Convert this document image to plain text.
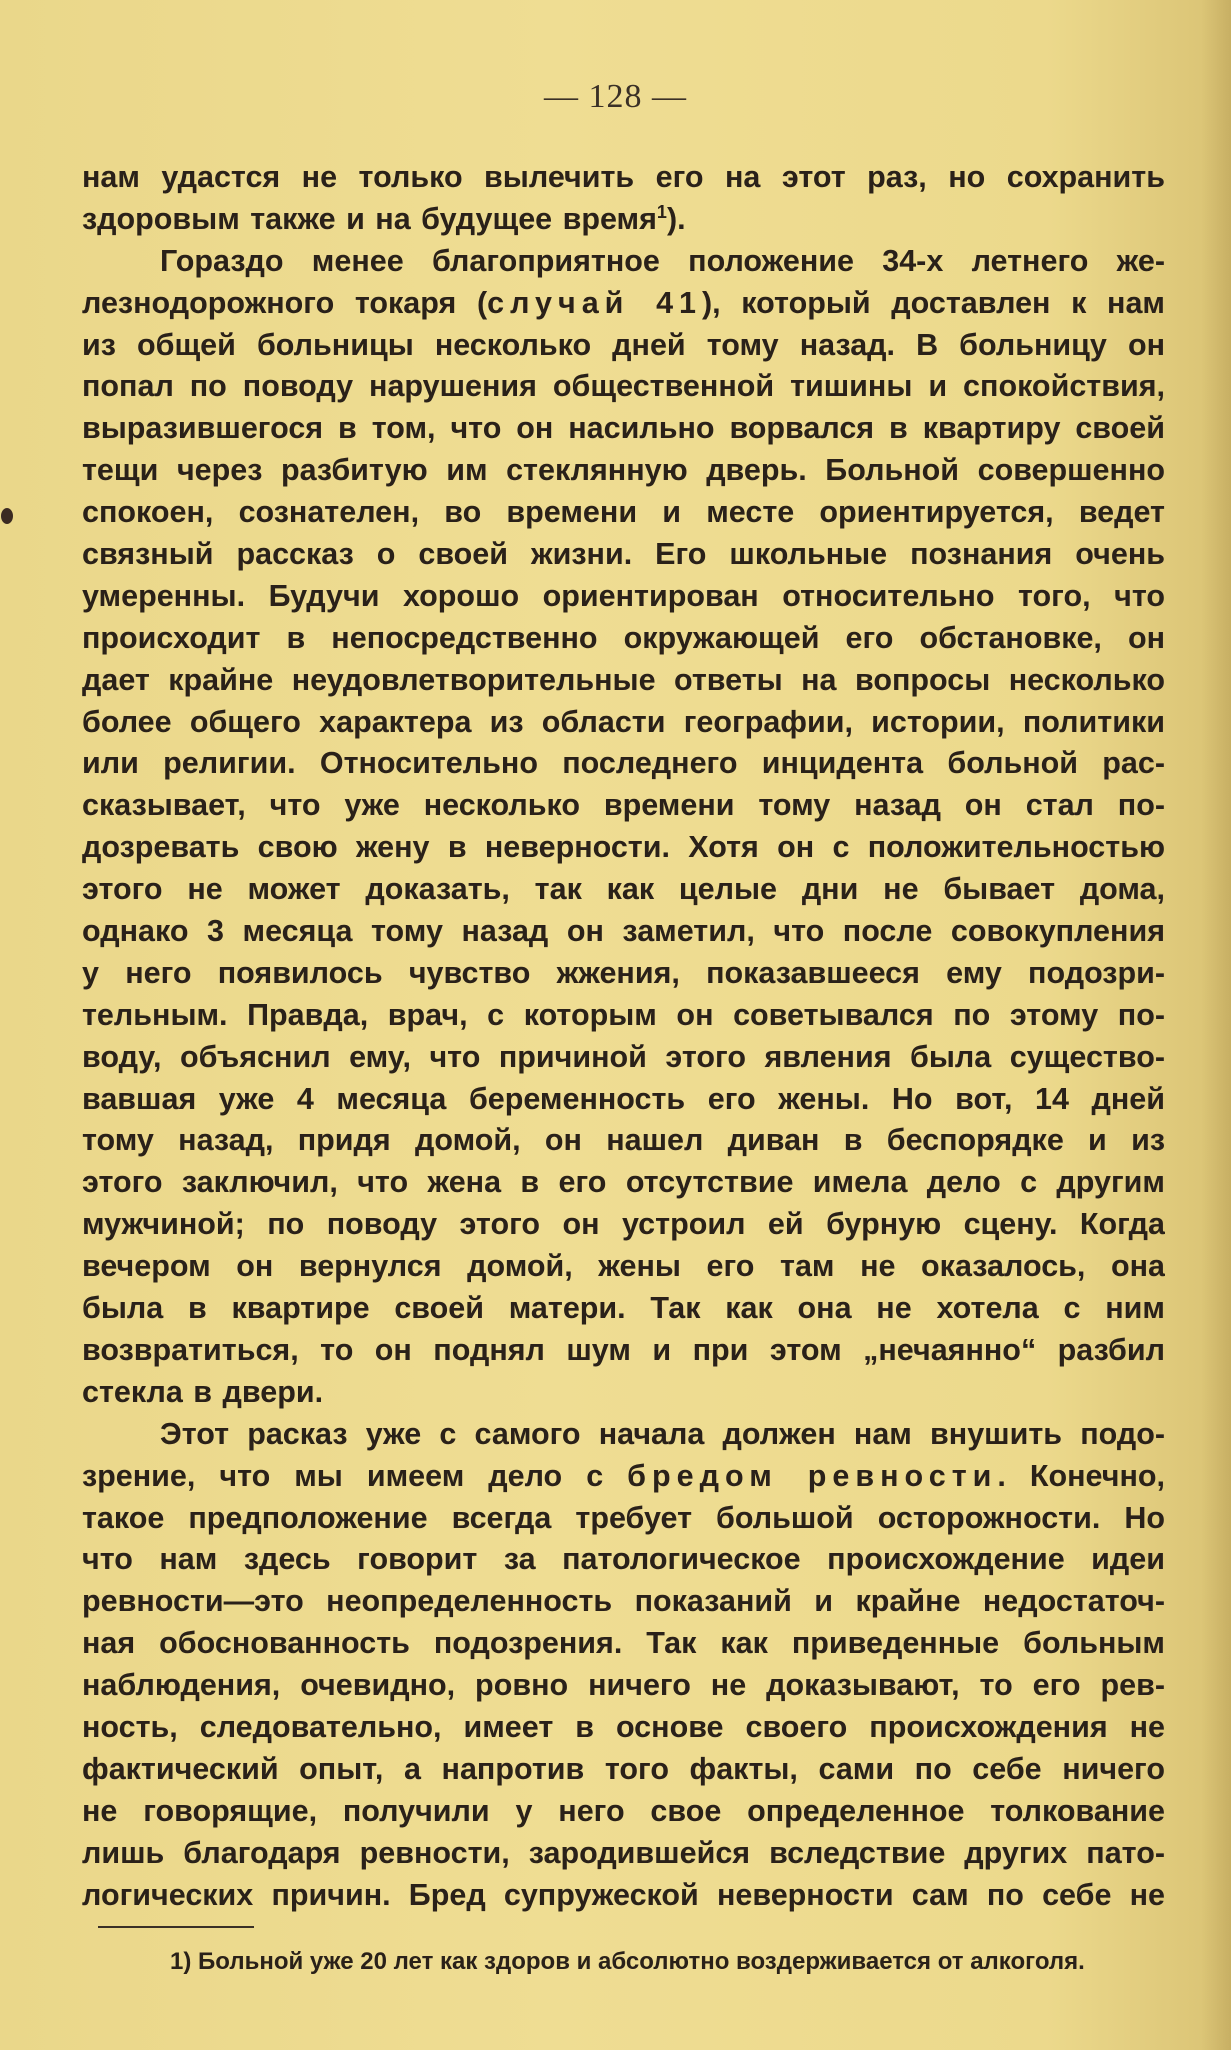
— 128 —
нам удастся не только вылечить его на этот раз, но сохранить
здоровым также и на будущее время$^1$).
Гораздо менее благоприятное положение 34-х летнего же-
лезнодорожного токаря (случай 41), который доставлен к нам
из общей больницы несколько дней тому назад. В больницу он
попал по поводу нарушения общественной тишины и спокойствия,
выразившегося в том, что он насильно ворвался в квартиру своей
тещи через разбитую им стеклянную дверь. Больной совершенно
спокоен, сознателен, во времени и месте ориентируется, ведет
связный рассказ о своей жизни. Его школьные познания очень
умеренны. Будучи хорошо ориентирован относительно того, что
происходит в непосредственно окружающей его обстановке, он
дает крайне неудовлетворительные ответы на вопросы несколько
более общего характера из области географии, истории, политики
или религии. Относительно последнего инцидента больной рас-
сказывает, что уже несколько времени тому назад он стал по-
дозревать свою жену в неверности. Хотя он с положительностью
этого не может доказать, так как целые дни не бывает дома,
однако 3 месяца тому назад он заметил, что после совокупления
у него появилось чувство жжения, показавшееся ему подозри-
тельным. Правда, врач, с которым он советывался по этому по-
воду, объяснил ему, что причиной этого явления была существо-
вавшая уже 4 месяца беременность его жены. Но вот, 14 дней
тому назад, придя домой, он нашел диван в беспорядке и из
этого заключил, что жена в его отсутствие имела дело с другим
мужчиной; по поводу этого он устроил ей бурную сцену. Когда
вечером он вернулся домой, жены его там не оказалось, она
была в квартире своей матери. Так как она не хотела с ним
возвратиться, то он поднял шум и при этом „нечаянно“ разбил
стекла в двери.
Этот расказ уже с самого начала должен нам внушить подо-
зрение, что мы имеем дело с бредом ревности. Конечно,
такое предположение всегда требует большой осторожности. Но
что нам здесь говорит за патологическое происхождение идеи
ревности—это неопределенность показаний и крайне недостаточ-
ная обоснованность подозрения. Так как приведенные больным
наблюдения, очевидно, ровно ничего не доказывают, то его рев-
ность, следовательно, имеет в основе своего происхождения не
фактический опыт, а напротив того факты, сами по себе ничего
не говорящие, получили у него свое определенное толкование
лишь благодаря ревности, зародившейся вследствие других пато-
логических причин. Бред супружеской неверности сам по себе не
1) Больной уже 20 лет как здоров и абсолютно воздерживается от алкоголя.
